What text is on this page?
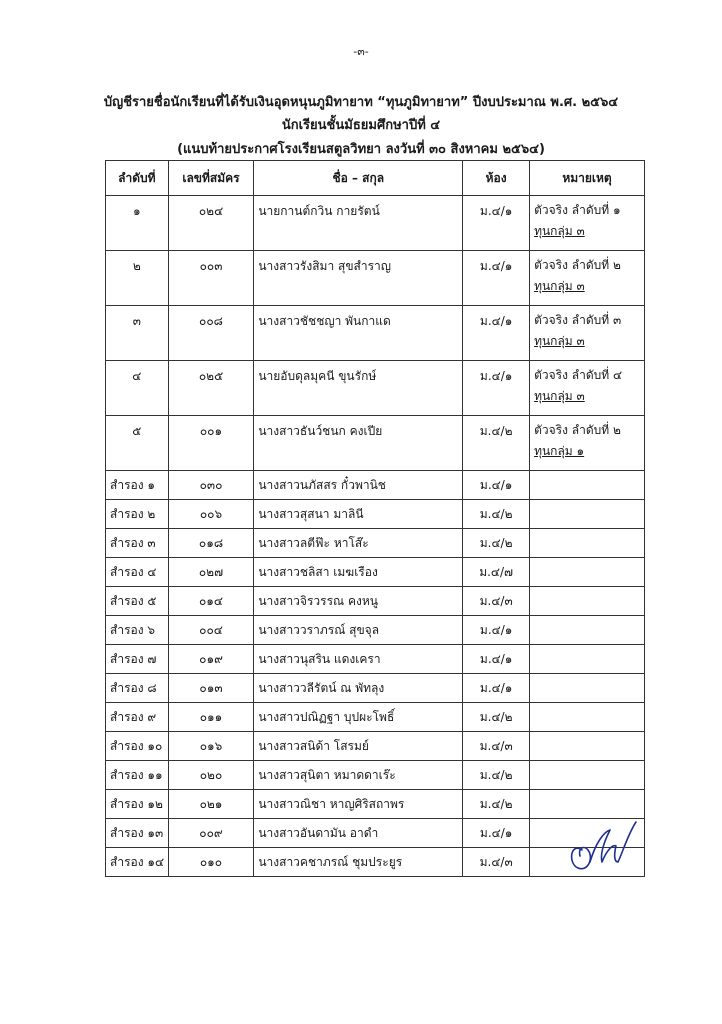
-๓-
บัญชีรายชื่อนักเรียนที่ได้รับเงินอุดหนุนภูมิทายาท “ทุนภูมิทายาท” ปีงบประมาณ พ.ศ. ๒๕๖๔
นักเรียนชั้นมัธยมศึกษาปีที่ ๔
(แนบท้ายประกาศโรงเรียนสตูลวิทยา ลงวันที่ ๓๐ สิงหาคม ๒๕๖๔)
ลำดับที่	เลขที่สมัคร	ชื่อ – สกุล	ห้อง	หมายเหตุ
๑	๐๒๔	นายกานต์กวิน กายรัตน์	ม.๔/๑	ตัวจริง ลำดับที่ ๑
ทุนกลุ่ม ๓

๒	๐๐๓	นางสาวรังสิมา สุขสำราญ	ม.๔/๑	ตัวจริง ลำดับที่ ๒
ทุนกลุ่ม ๓

๓	๐๐๘	นางสาวชัชชญา พันกาแด	ม.๔/๑	ตัวจริง ลำดับที่ ๓
ทุนกลุ่ม ๓

๔	๐๒๕	นายอับดุลมุคนี ขุนรักษ์	ม.๔/๑	ตัวจริง ลำดับที่ ๔
ทุนกลุ่ม ๓

๕	๐๐๑	นางสาวธันว์ชนก คงเปีย	ม.๔/๒	ตัวจริง ลำดับที่ ๒
ทุนกลุ่ม ๑

สำรอง ๑	๐๓๐	นางสาวนภัสสร กั๋วพานิช	ม.๔/๑	
สำรอง ๒	๐๐๖	นางสาวสุสนา มาลินี	ม.๔/๒	
สำรอง ๓	๐๑๘	นางสาวลตีฟ๊ะ หาโส๊ะ	ม.๔/๒	
สำรอง ๔	๐๒๗	นางสาวชลิสา เมฆเรือง	ม.๔/๗	
สำรอง ๕	๐๑๔	นางสาวจิรวรรณ คงหนู	ม.๔/๓	
สำรอง ๖	๐๐๔	นางสาววราภรณ์ สุขจุล	ม.๔/๑	
สำรอง ๗	๐๑๙	นางสาวนุสริน แดงเครา	ม.๔/๑	
สำรอง ๘	๐๑๓	นางสาววลีรัตน์ ณ พัทลุง	ม.๔/๑	
สำรอง ๙	๐๑๑	นางสาวปณิฏฐา บุปผะโพธิ์	ม.๔/๒	
สำรอง ๑๐	๐๑๖	นางสาวสนิด้า โสรมย์	ม.๔/๓	
สำรอง ๑๑	๐๒๐	นางสาวสุนิตา หมาดดาเร๊ะ	ม.๔/๒	
สำรอง ๑๒	๐๒๑	นางสาวณิชา หาญศิริสถาพร	ม.๔/๒	
สำรอง ๑๓	๐๐๙	นางสาวอันดามัน อาดำ	ม.๔/๑	
สำรอง ๑๔	๐๑๐	นางสาวคชาภรณ์ ชุมประยูร	ม.๔/๓	
